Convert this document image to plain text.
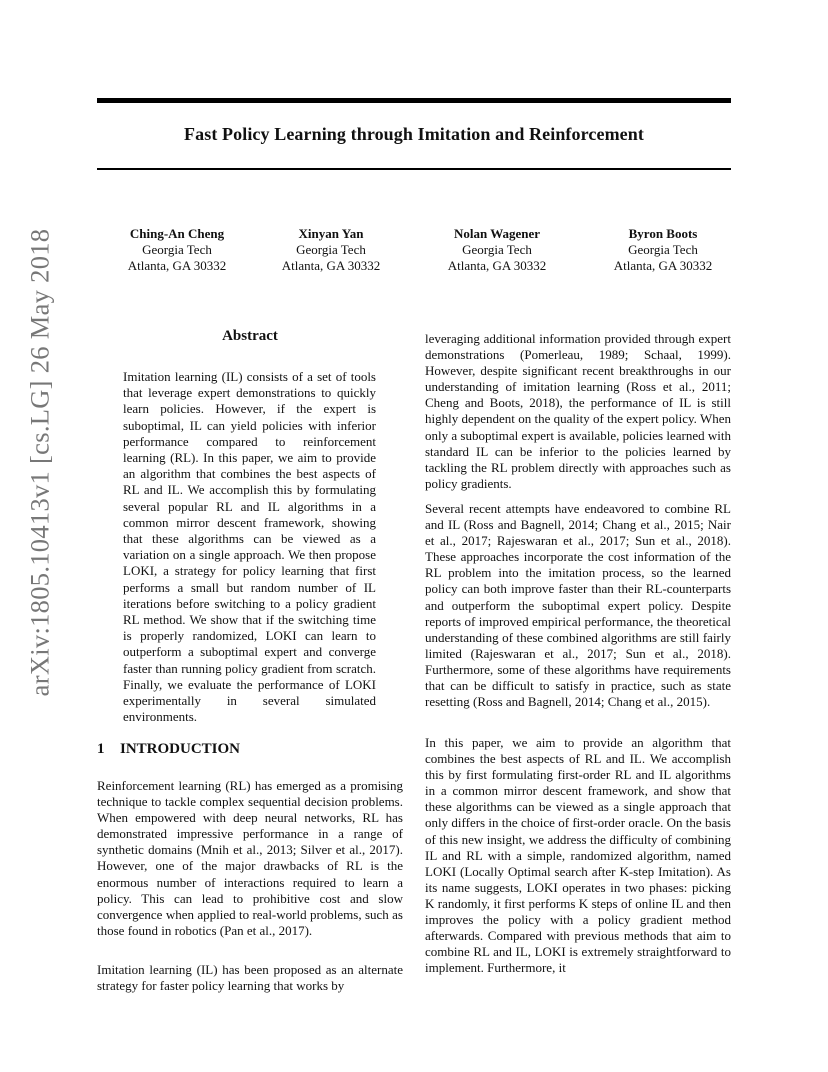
arXiv:1805.10413v1 [cs.LG] 26 May 2018
Fast Policy Learning through Imitation and Reinforcement
Ching-An Cheng
Georgia Tech
Atlanta, GA 30332
Xinyan Yan
Georgia Tech
Atlanta, GA 30332
Nolan Wagener
Georgia Tech
Atlanta, GA 30332
Byron Boots
Georgia Tech
Atlanta, GA 30332
Abstract

Imitation learning (IL) consists of a set of tools that leverage expert demonstrations to quickly learn policies. However, if the expert is suboptimal, IL can yield policies with inferior performance compared to reinforcement learning (RL). In this paper, we aim to provide an algorithm that combines the best aspects of RL and IL. We accomplish this by formulating several popular RL and IL algorithms in a common mirror descent framework, showing that these algorithms can be viewed as a variation on a single approach. We then propose LOKI, a strategy for policy learning that first performs a small but random number of IL iterations before switching to a policy gradient RL method. We show that if the switching time is properly randomized, LOKI can learn to outperform a suboptimal expert and converge faster than running policy gradient from scratch. Finally, we evaluate the performance of LOKI experimentally in several simulated environments.

1 INTRODUCTION

Reinforcement learning (RL) has emerged as a promising technique to tackle complex sequential decision problems. When empowered with deep neural networks, RL has demonstrated impressive performance in a range of synthetic domains (Mnih et al., 2013; Silver et al., 2017). However, one of the major drawbacks of RL is the enormous number of interactions required to learn a policy. This can lead to prohibitive cost and slow convergence when applied to real-world problems, such as those found in robotics (Pan et al., 2017).

Imitation learning (IL) has been proposed as an alternate strategy for faster policy learning that works by

leveraging additional information provided through expert demonstrations (Pomerleau, 1989; Schaal, 1999). However, despite significant recent breakthroughs in our understanding of imitation learning (Ross et al., 2011; Cheng and Boots, 2018), the performance of IL is still highly dependent on the quality of the expert policy. When only a suboptimal expert is available, policies learned with standard IL can be inferior to the policies learned by tackling the RL problem directly with approaches such as policy gradients.

Several recent attempts have endeavored to combine RL and IL (Ross and Bagnell, 2014; Chang et al., 2015; Nair et al., 2017; Rajeswaran et al., 2017; Sun et al., 2018). These approaches incorporate the cost information of the RL problem into the imitation process, so the learned policy can both improve faster than their RL-counterparts and outperform the suboptimal expert policy. Despite reports of improved empirical performance, the theoretical understanding of these combined algorithms are still fairly limited (Rajeswaran et al., 2017; Sun et al., 2018). Furthermore, some of these algorithms have requirements that can be difficult to satisfy in practice, such as state resetting (Ross and Bagnell, 2014; Chang et al., 2015).

In this paper, we aim to provide an algorithm that combines the best aspects of RL and IL. We accomplish this by first formulating first-order RL and IL algorithms in a common mirror descent framework, and show that these algorithms can be viewed as a single approach that only differs in the choice of first-order oracle. On the basis of this new insight, we address the difficulty of combining IL and RL with a simple, randomized algorithm, named LOKI (Locally Optimal search after K-step Imitation). As its name suggests, LOKI operates in two phases: picking K randomly, it first performs K steps of online IL and then improves the policy with a policy gradient method afterwards. Compared with previous methods that aim to combine RL and IL, LOKI is extremely straightforward to implement. Furthermore, it
